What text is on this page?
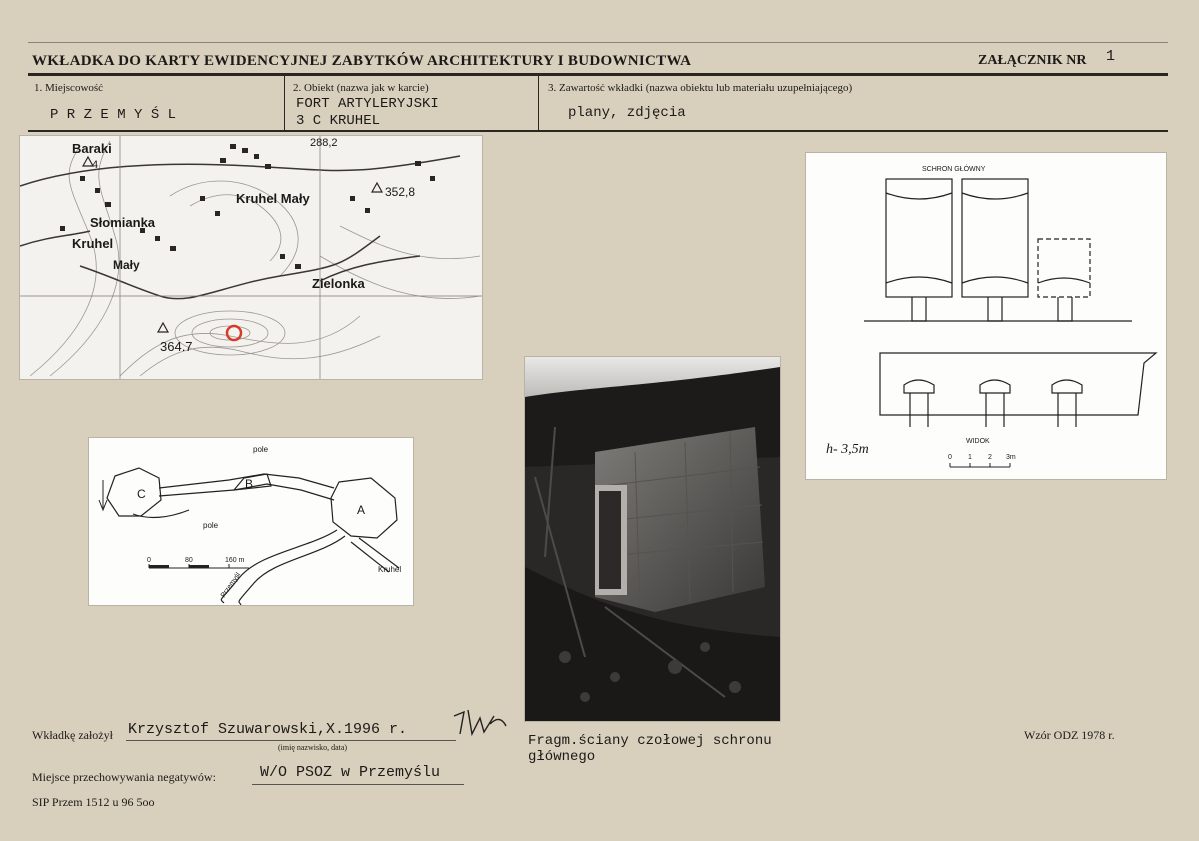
WKŁADKA DO KARTY EWIDENCYJNEJ ZABYTKÓW ARCHITEKTURY I BUDOWNICTWA	ZAŁĄCZNIK NR 1
1. Miejscowość
P R Z E M Y Ś L
2. Obiekt (nazwa jak w karcie)
FORT ARTYLERYJSKI
3 C KRUHEL
3. Zawartość wkładki (nazwa obiektu lub materiału uzupełniającego)
plany, zdjęcia
Baraki
4
288,2
Kruhel Mały	352,8
Słomianka
Kruhel
Mały
Zielonka
364.7
pole
pole
A
B
C
Kruhel
Przemyśl
0	80	160 m
SCHRON GŁÓWNY
WIDOK
h- 3,5m
0 1 2 3m
Fragm.ściany czołowej schronu
głównego
Wkładkę założył Krzysztof Szuwarowski,X.1996 r.
(imię nazwisko, data)
Miejsce przechowywania negatywów:	W/O PSOZ w Przemyślu
SIP Przem 1512 u 96 5oo
Wzór ODZ 1978 r.
